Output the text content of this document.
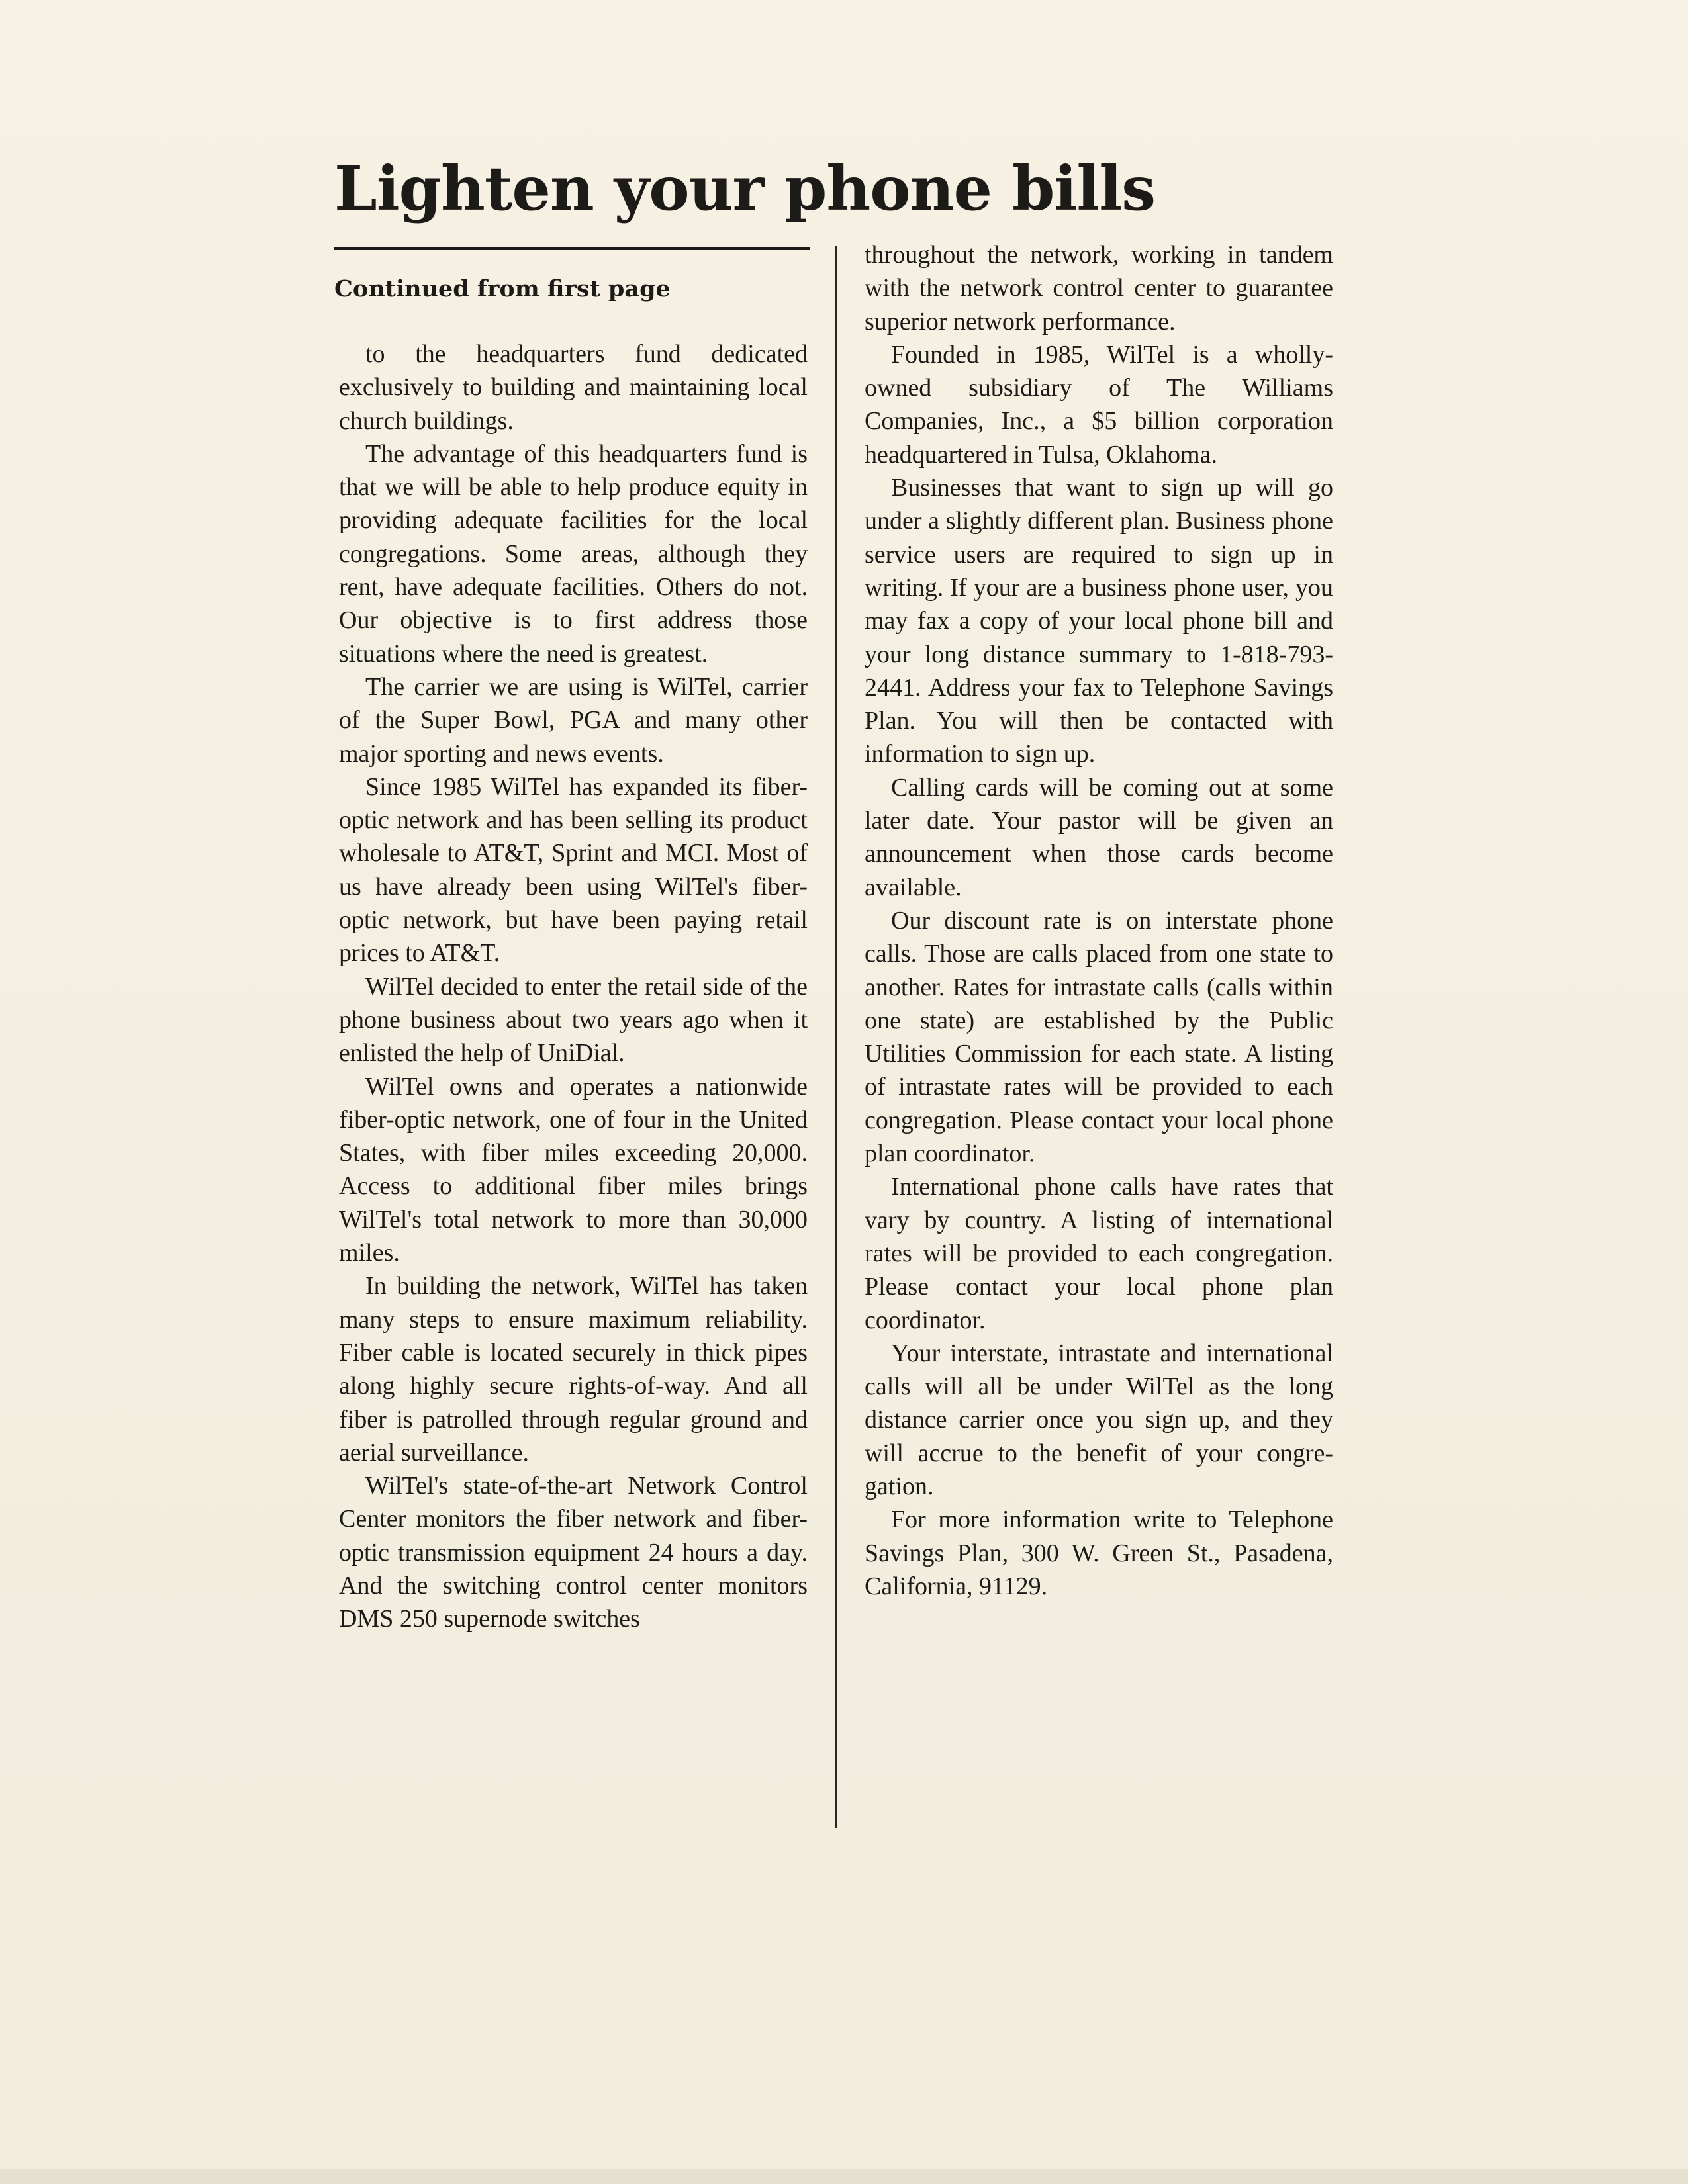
Lighten your phone bills
Continued from first page

to the headquarters fund dedicated exclusively to building and maintaining local church buildings.

The advantage of this headquarters fund is that we will be able to help produce equity in providing adequate facilities for the local congregations. Some areas, although they rent, have adequate facilities. Others do not. Our objective is to first address those situations where the need is greatest.

The carrier we are using is WilTel, carrier of the Super Bowl, PGA and many other major sporting and news events.

Since 1985 WilTel has expanded its fiber-optic network and has been selling its product wholesale to AT&T, Sprint and MCI. Most of us have already been using WilTel's fiber-optic network, but have been paying retail prices to AT&T.

WilTel decided to enter the retail side of the phone business about two years ago when it enlisted the help of UniDial.

WilTel owns and operates a nationwide fiber-optic network, one of four in the United States, with fiber miles exceeding 20,000. Access to additional fiber miles brings WilTel's total network to more than 30,000 miles.

In building the network, WilTel has taken many steps to ensure maximum reliability. Fiber cable is located securely in thick pipes along highly secure rights-of-way. And all fiber is patrolled through regular ground and aerial surveillance.

WilTel's state-of-the-art Network Control Center monitors the fiber network and fiber-optic transmission equipment 24 hours a day. And the switching control center monitors DMS 250 supernode switches

throughout the network, working in tandem with the network control center to guarantee superior network performance.

Founded in 1985, WilTel is a wholly-owned subsidiary of The Williams Companies, Inc., a $5 billion corporation headquartered in Tulsa, Oklahoma.

Businesses that want to sign up will go under a slightly different plan. Business phone service users are required to sign up in writing. If your are a business phone user, you may fax a copy of your local phone bill and your long distance summary to 1-818-793-2441. Address your fax to Telephone Savings Plan. You will then be contacted with information to sign up.

Calling cards will be coming out at some later date. Your pastor will be given an announcement when those cards become available.

Our discount rate is on interstate phone calls. Those are calls placed from one state to another. Rates for intrastate calls (calls within one state) are established by the Public Utilities Commission for each state. A listing of intrastate rates will be provided to each congregation. Please contact your local phone plan coordinator.

International phone calls have rates that vary by country. A listing of international rates will be provided to each congregation. Please contact your local phone plan coordinator.

Your interstate, intrastate and international calls will all be under WilTel as the long distance carrier once you sign up, and they will accrue to the benefit of your congregation.

For more information write to Telephone Savings Plan, 300 W. Green St., Pasadena, California, 91129.
